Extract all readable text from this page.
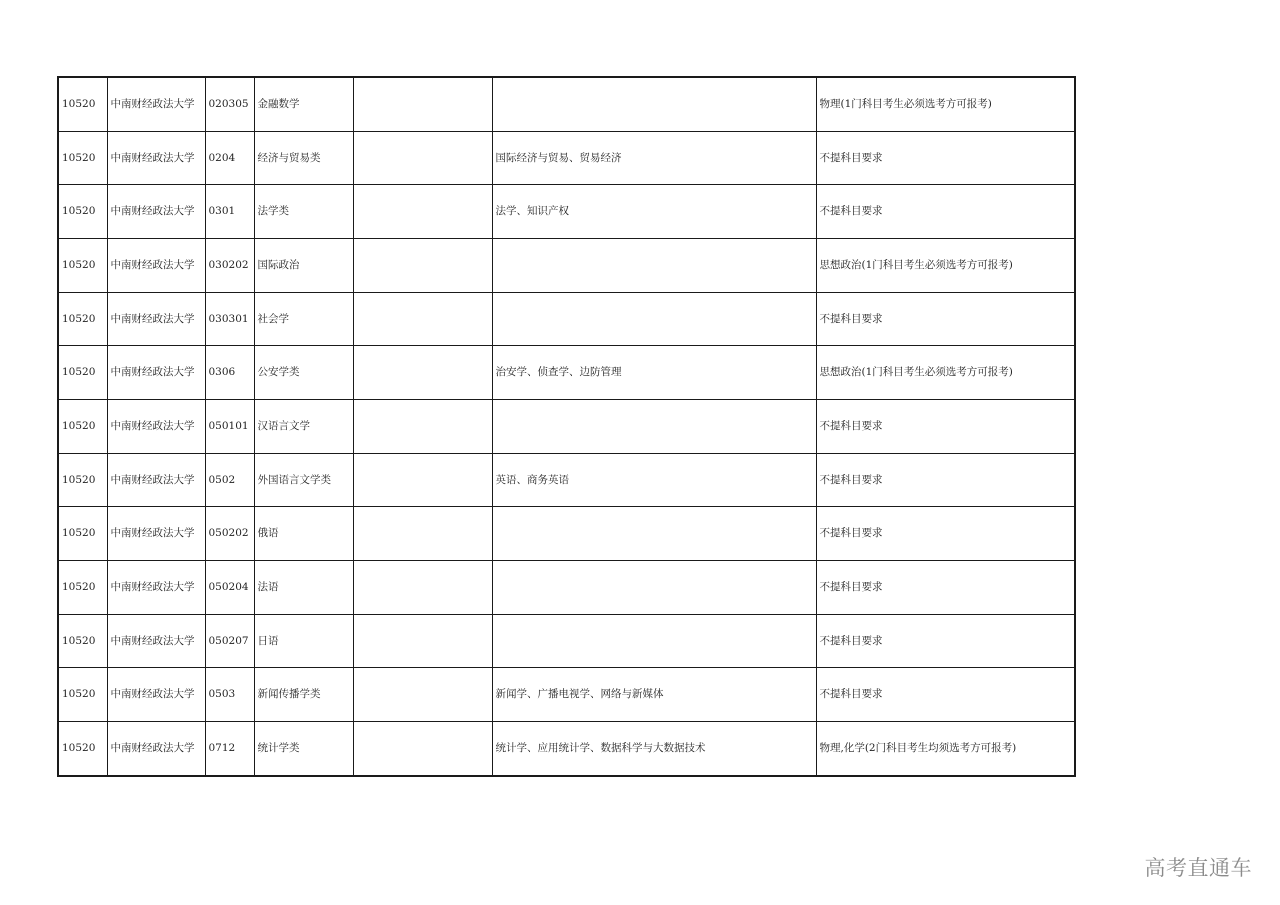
10520	中南财经政法大学	020305	金融数学			物理(1门科目考生必须选考方可报考)
10520	中南财经政法大学	0204	经济与贸易类		国际经济与贸易、贸易经济	不提科目要求
10520	中南财经政法大学	0301	法学类		法学、知识产权	不提科目要求
10520	中南财经政法大学	030202	国际政治			思想政治(1门科目考生必须选考方可报考)
10520	中南财经政法大学	030301	社会学			不提科目要求
10520	中南财经政法大学	0306	公安学类		治安学、侦查学、边防管理	思想政治(1门科目考生必须选考方可报考)
10520	中南财经政法大学	050101	汉语言文学			不提科目要求
10520	中南财经政法大学	0502	外国语言文学类		英语、商务英语	不提科目要求
10520	中南财经政法大学	050202	俄语			不提科目要求
10520	中南财经政法大学	050204	法语			不提科目要求
10520	中南财经政法大学	050207	日语			不提科目要求
10520	中南财经政法大学	0503	新闻传播学类		新闻学、广播电视学、网络与新媒体	不提科目要求
10520	中南财经政法大学	0712	统计学类		统计学、应用统计学、数据科学与大数据技术	物理,化学(2门科目考生均须选考方可报考)
高考直通车
